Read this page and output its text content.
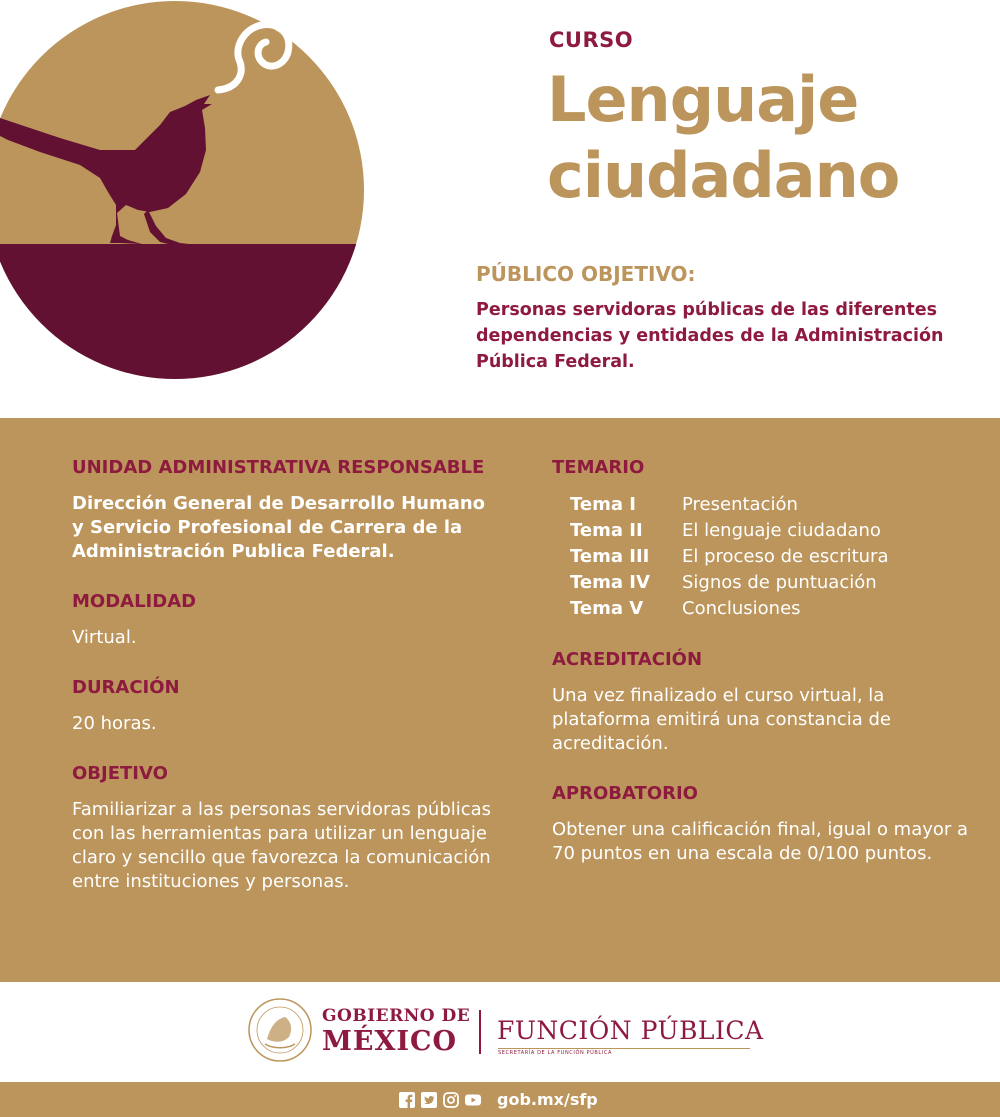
CURSO
Lenguaje
ciudadano
PÚBLICO OBJETIVO:
Personas servidoras públicas de las diferentes dependencias y entidades de la Administración Pública Federal.
UNIDAD ADMINISTRATIVA RESPONSABLE
Dirección General de Desarrollo Humano y Servicio Profesional de Carrera de la Administración Publica Federal.
MODALIDAD
Virtual.
DURACIÓN
20 horas.
OBJETIVO
Familiarizar a las personas servidoras públicas con las herramientas para utilizar un lenguaje claro y sencillo que favorezca la comunicación entre instituciones y personas.
TEMARIO
Tema I	Presentación
Tema II	El lenguaje ciudadano
Tema III	El proceso de escritura
Tema IV	Signos de puntuación
Tema V	Conclusiones
ACREDITACIÓN
Una vez finalizado el curso virtual, la plataforma emitirá una constancia de acreditación.
APROBATORIO
Obtener una calificación final, igual o mayor a 70 puntos en una escala de 0/100 puntos.
GOBIERNO DE
MÉXICO FUNCIÓN PÚBLICA
SECRETARÍA DE LA FUNCIÓN PÚBLICA
gob.mx/sfp
